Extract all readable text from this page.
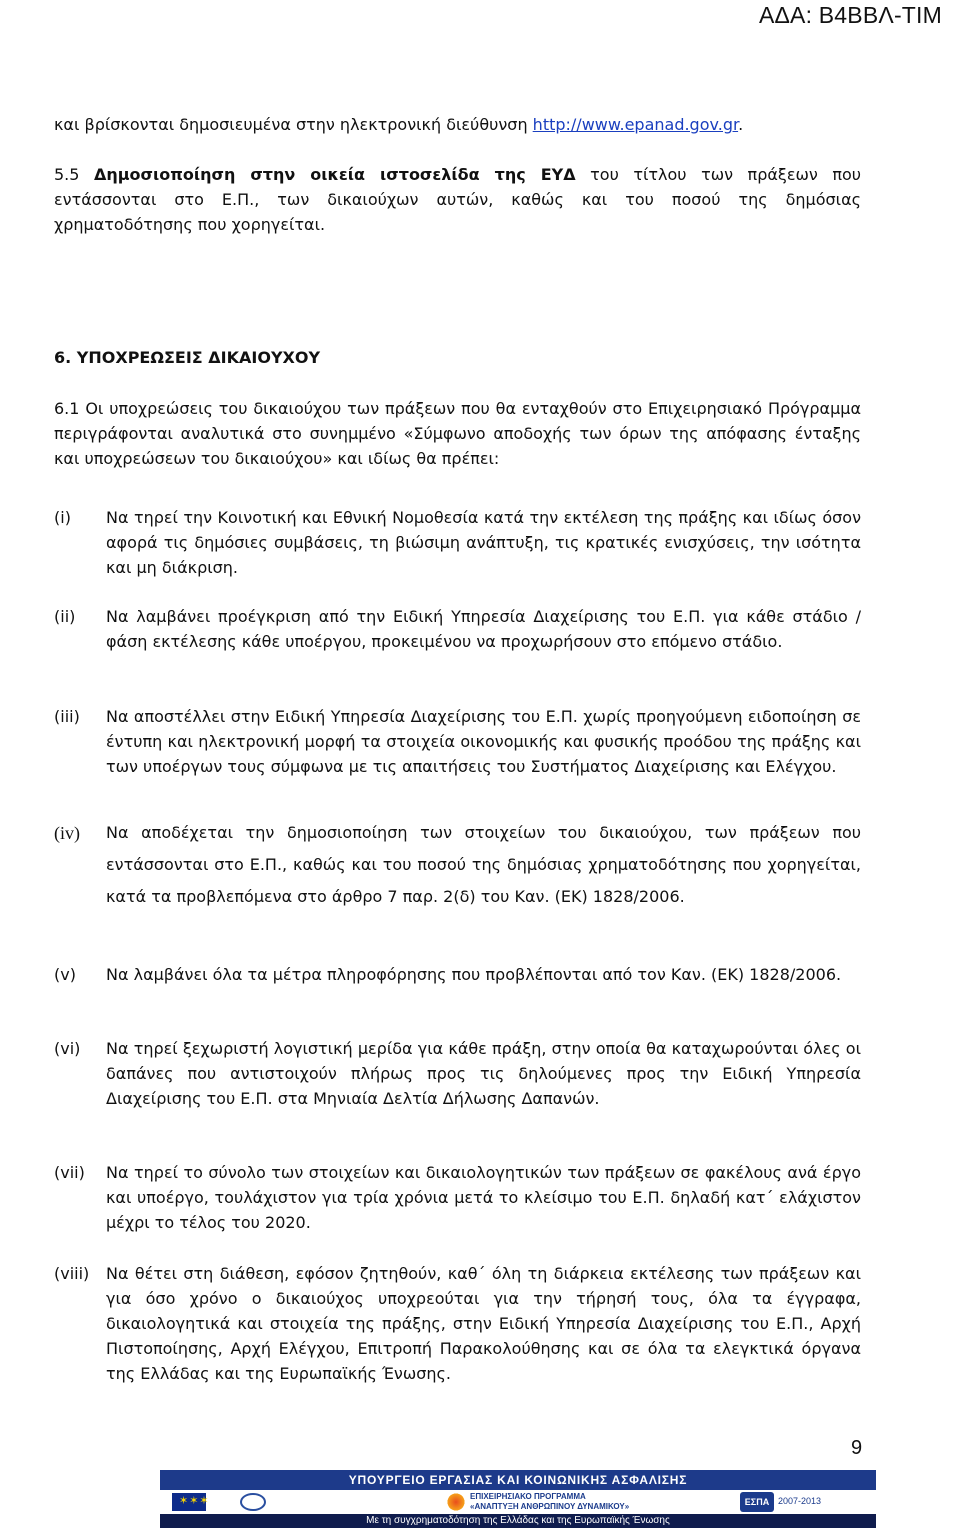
ΑΔΑ: Β4ΒΒΛ-ΤΙΜ
και βρίσκονται δημοσιευμένα στην ηλεκτρονική διεύθυνση http://www.epanad.gov.gr.
5.5 Δημοσιοποίηση στην οικεία ιστοσελίδα της ΕΥΔ του τίτλου των πράξεων που εντάσσονται στο Ε.Π., των δικαιούχων αυτών, καθώς και του ποσού της δημόσιας χρηματοδότησης που χορηγείται.
6. ΥΠΟΧΡΕΩΣΕΙΣ ΔΙΚΑΙΟΥΧΟΥ
6.1 Οι υποχρεώσεις του δικαιούχου των πράξεων που θα ενταχθούν στο Επιχειρησιακό Πρόγραμμα περιγράφονται αναλυτικά στο συνημμένο «Σύμφωνο αποδοχής των όρων της απόφασης ένταξης και υποχρεώσεων του δικαιούχου» και ιδίως θα πρέπει:
(i)	Να τηρεί την Κοινοτική και Εθνική Νομοθεσία κατά την εκτέλεση της πράξης και ιδίως όσον αφορά τις δημόσιες συμβάσεις, τη βιώσιμη ανάπτυξη, τις κρατικές ενισχύσεις, την ισότητα και μη διάκριση.
(ii)	Να λαμβάνει προέγκριση από την Ειδική Υπηρεσία Διαχείρισης του Ε.Π. για κάθε στάδιο /φάση εκτέλεσης κάθε υποέργου, προκειμένου να προχωρήσουν στο επόμενο στάδιο.
(iii)	Να αποστέλλει στην Ειδική Υπηρεσία Διαχείρισης του Ε.Π. χωρίς προηγούμενη ειδοποίηση σε έντυπη και ηλεκτρονική μορφή τα στοιχεία οικονομικής και φυσικής προόδου της πράξης και των υποέργων τους σύμφωνα με τις απαιτήσεις του Συστήματος Διαχείρισης και Ελέγχου.
(iv)	Να αποδέχεται την δημοσιοποίηση των στοιχείων του δικαιούχου, των πράξεων που εντάσσονται στο Ε.Π., καθώς και του ποσού της δημόσιας χρηματοδότησης που χορηγείται, κατά τα προβλεπόμενα στο άρθρο 7 παρ. 2(δ) του Καν. (ΕΚ) 1828/2006.
(v)	Να λαμβάνει όλα τα μέτρα πληροφόρησης που προβλέπονται από τον Καν. (ΕΚ) 1828/2006.
(vi)	Να τηρεί ξεχωριστή λογιστική μερίδα για κάθε πράξη, στην οποία θα καταχωρούνται όλες οι δαπάνες που αντιστοιχούν πλήρως προς τις δηλούμενες προς την Ειδική Υπηρεσία Διαχείρισης του Ε.Π. στα Μηνιαία Δελτία Δήλωσης Δαπανών.
(vii)	Να τηρεί το σύνολο των στοιχείων και δικαιολογητικών των πράξεων σε φακέλους ανά έργο και υποέργο, τουλάχιστον για τρία χρόνια μετά το κλείσιμο του Ε.Π. δηλαδή κατ΄ ελάχιστον μέχρι το τέλος του 2020.
(viii)	Να θέτει στη διάθεση, εφόσον ζητηθούν, καθ΄ όλη τη διάρκεια εκτέλεσης των πράξεων και για όσο χρόνο ο δικαιούχος υποχρεούται για την τήρησή τους, όλα τα έγγραφα, δικαιολογητικά και στοιχεία της πράξης, στην Ειδική Υπηρεσία Διαχείρισης του Ε.Π., Αρχή Πιστοποίησης, Αρχή Ελέγχου, Επιτροπή Παρακολούθησης και σε όλα τα ελεγκτικά όργανα της Ελλάδας και της Ευρωπαϊκής Ένωσης.
9
ΥΠΟΥΡΓΕΙΟ ΕΡΓΑΣΙΑΣ ΚΑΙ ΚΟΙΝΩΝΙΚΗΣ ΑΣΦΑΛΙΣΗΣ
✶✶✶	ΕΠΙΧΕΙΡΗΣΙΑΚΟ ΠΡΟΓΡΑΜΜΑ
«ΑΝΑΠΤΥΞΗ ΑΝΘΡΩΠΙΝΟΥ ΔΥΝΑΜΙΚΟΥ»	ΕΣΠΑ 2007-2013
Με τη συγχρηματοδότηση της Ελλάδας και της Ευρωπαϊκής Ένωσης
